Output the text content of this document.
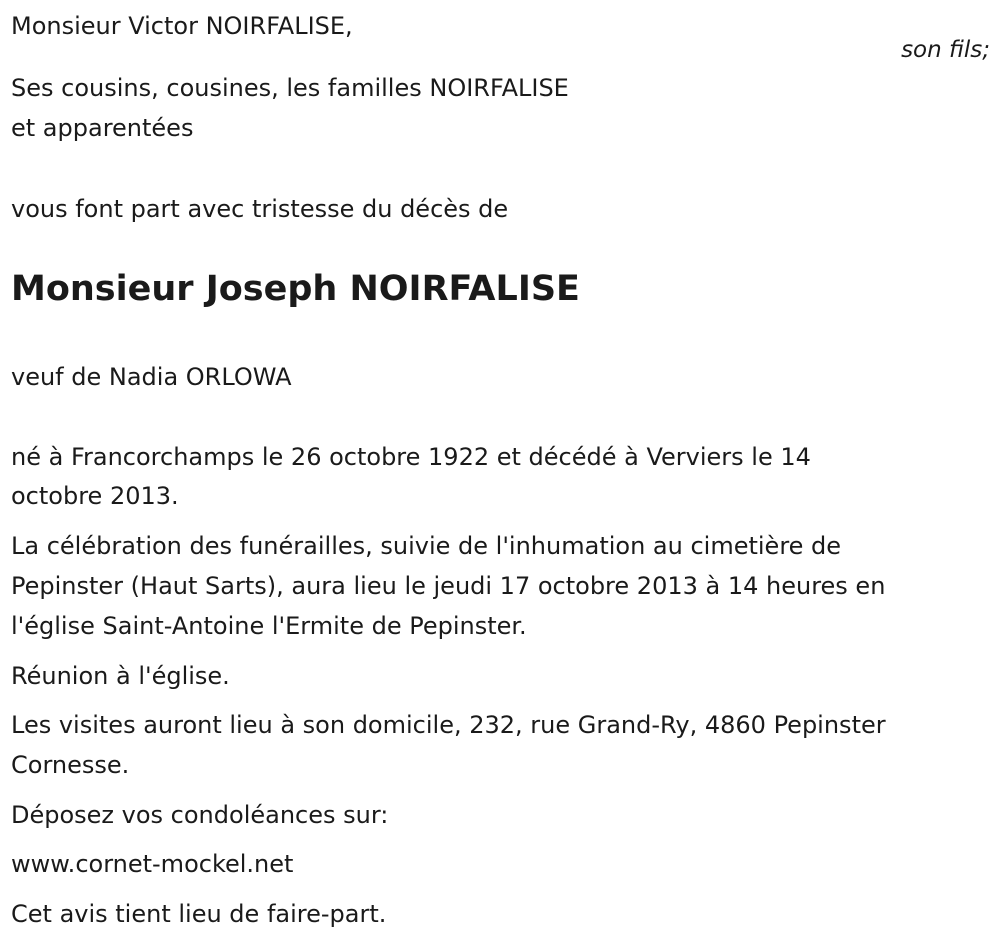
Monsieur Victor NOIRFALISE,

son fils;

Ses cousins, cousines, les familles NOIRFALISE

et apparentées

vous font part avec tristesse du décès de

Monsieur Joseph NOIRFALISE

veuf de Nadia ORLOWA

né à Francorchamps le 26 octobre 1922 et décédé à Verviers le 14

octobre 2013.

La célébration des funérailles, suivie de l'inhumation au cimetière de

Pepinster (Haut Sarts), aura lieu le jeudi 17 octobre 2013 à 14 heures en

l'église Saint-Antoine l'Ermite de Pepinster.

Réunion à l'église.

Les visites auront lieu à son domicile, 232, rue Grand-Ry, 4860 Pepinster

Cornesse.

Déposez vos condoléances sur:

www.cornet-mockel.net

Cet avis tient lieu de faire-part.
